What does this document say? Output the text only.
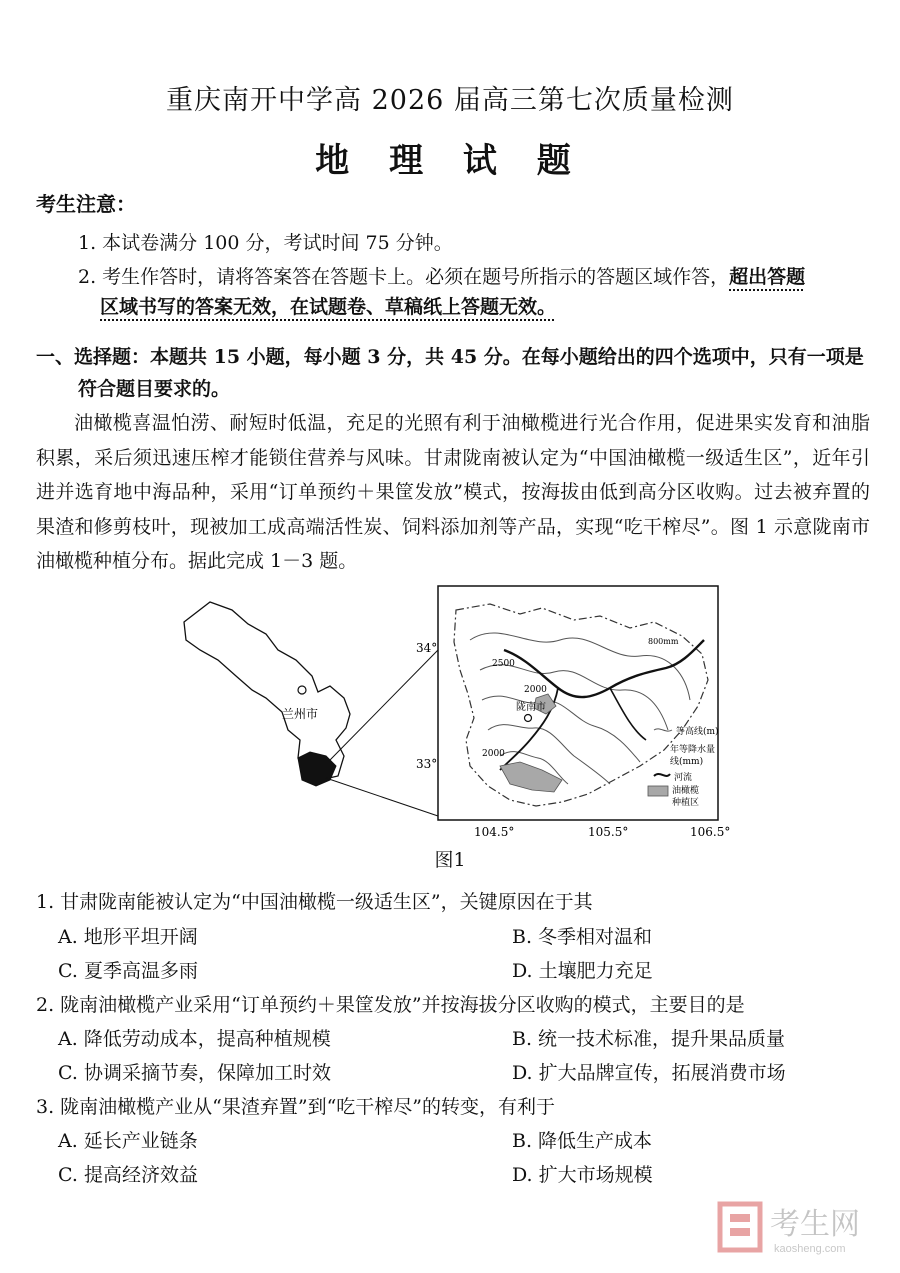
重庆南开中学高 2026 届高三第七次质量检测
地 理 试 题
考生注意：
1. 本试卷满分 100 分，考试时间 75 分钟。
2. 考生作答时，请将答案答在答题卡上。必须在题号所指示的答题区域作答，超出答题
区域书写的答案无效，在试题卷、草稿纸上答题无效。
一、选择题：本题共 15 小题，每小题 3 分，共 45 分。在每小题给出的四个选项中，只有一项是
符合题目要求的。
油橄榄喜温怕涝、耐短时低温，充足的光照有利于油橄榄进行光合作用，促进果实发育和油脂积累，采后须迅速压榨才能锁住营养与风味。甘肃陇南被认定为“中国油橄榄一级适生区”，近年引进并选育地中海品种，采用“订单预约＋果筐发放”模式，按海拔由低到高分区收购。过去被弃置的果渣和修剪枝叶，现被加工成高端活性炭、饲料添加剂等产品，实现“吃干榨尽”。图 1 示意陇南市油橄榄种植分布。据此完成 1－3 题。
兰州市
34°
33°
104.5°	105.5°	106.5°
陇南市
2500
2000
2000
800mm
等高线(m)
年等降水量
线(mm)
河流
油橄榄
种植区
图1
1. 甘肃陇南能被认定为“中国油橄榄一级适生区”，关键原因在于其
A. 地形平坦开阔	B. 冬季相对温和
C. 夏季高温多雨	D. 土壤肥力充足
2. 陇南油橄榄产业采用“订单预约＋果筐发放”并按海拔分区收购的模式，主要目的是
A. 降低劳动成本，提高种植规模	B. 统一技术标准，提升果品质量
C. 协调采摘节奏，保障加工时效	D. 扩大品牌宣传，拓展消费市场
3. 陇南油橄榄产业从“果渣弃置”到“吃干榨尽”的转变，有利于
A. 延长产业链条	B. 降低生产成本
C. 提高经济效益	D. 扩大市场规模
考生网
kaosheng.com
